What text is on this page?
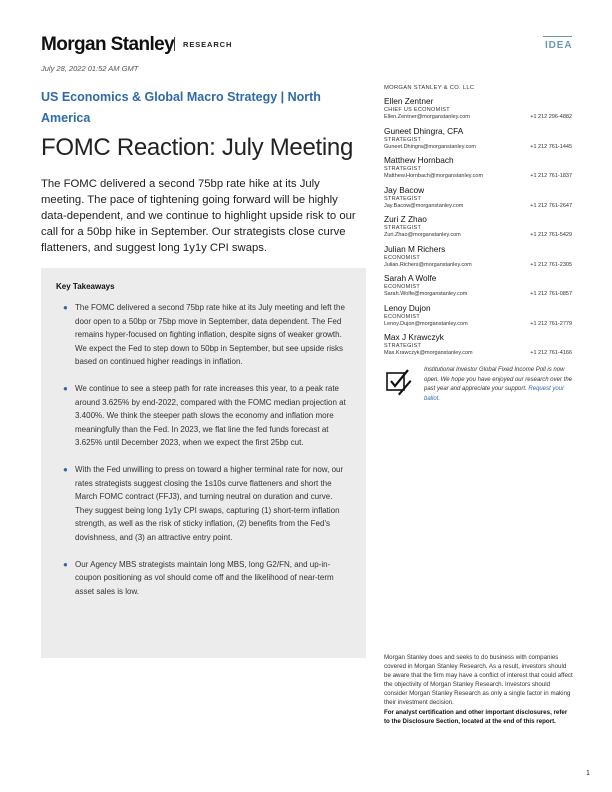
Morgan Stanley RESEARCH	IDEA
July 28, 2022 01:52 AM GMT
US Economics & Global Macro Strategy | North America
FOMC Reaction: July Meeting
The FOMC delivered a second 75bp rate hike at its July meeting. The pace of tightening going forward will be highly data-dependent, and we continue to highlight upside risk to our call for a 50bp hike in September. Our strategists close curve flatteners, and suggest long 1y1y CPI swaps.
Key Takeaways
● The FOMC delivered a second 75bp rate hike at its July meeting and left the door open to a 50bp or 75bp move in September, data dependent. The Fed remains hyper-focused on fighting inflation, despite signs of weaker growth. We expect the Fed to step down to 50bp in September, but see upside risks based on continued higher readings in inflation.
● We continue to see a steep path for rate increases this year, to a peak rate around 3.625% by end-2022, compared with the FOMC median projection at 3.400%. We think the steeper path slows the economy and inflation more meaningfully than the Fed. In 2023, we flat line the fed funds forecast at 3.625% until December 2023, when we expect the first 25bp cut.
● With the Fed unwilling to press on toward a higher terminal rate for now, our rates strategists suggest closing the 1s10s curve flatteners and short the March FOMC contract (FFJ3), and turning neutral on duration and curve. They suggest being long 1y1y CPI swaps, capturing (1) short-term inflation strength, as well as the risk of sticky inflation, (2) benefits from the Fed's dovishness, and (3) an attractive entry point.
● Our Agency MBS strategists maintain long MBS, long G2/FN, and up-in-coupon positioning as vol should come off and the likelihood of near-term asset sales is low.
MORGAN STANLEY & CO. LLC
Ellen Zentner
CHIEF US ECONOMIST
Ellen.Zentner@morganstanley.com	+1 212 296-4882
Guneet Dhingra, CFA
STRATEGIST
Guneet.Dhingra@morganstanley.com	+1 212 761-1445
Matthew Hornbach
STRATEGIST
Matthew.Hornbach@morganstanley.com	+1 212 761-1837
Jay Bacow
STRATEGIST
Jay.Bacow@morganstanley.com	+1 212 761-2647
Zuri Z Zhao
STRATEGIST
Zuri.Zhao@morganstanley.com	+1 212 761-5429
Julian M Richers
ECONOMIST
Julian.Richers@morganstanley.com	+1 212 761-2305
Sarah A Wolfe
ECONOMIST
Sarah.Wolfe@morganstanley.com	+1 212 761-0857
Lenoy Dujon
ECONOMIST
Lenoy.Dujon@morganstanley.com	+1 212 761-2779
Max J Krawczyk
STRATEGIST
Max.Krawczyk@morganstanley.com	+1 212 761-4166
Institutional Investor Global Fixed Income Poll is now open. We hope you have enjoyed our research over the past year and appreciate your support. Request your ballot.
Morgan Stanley does and seeks to do business with companies covered in Morgan Stanley Research. As a result, investors should be aware that the firm may have a conflict of interest that could affect the objectivity of Morgan Stanley Research. Investors should consider Morgan Stanley Research as only a single factor in making their investment decision.
For analyst certification and other important disclosures, refer to the Disclosure Section, located at the end of this report.
1
